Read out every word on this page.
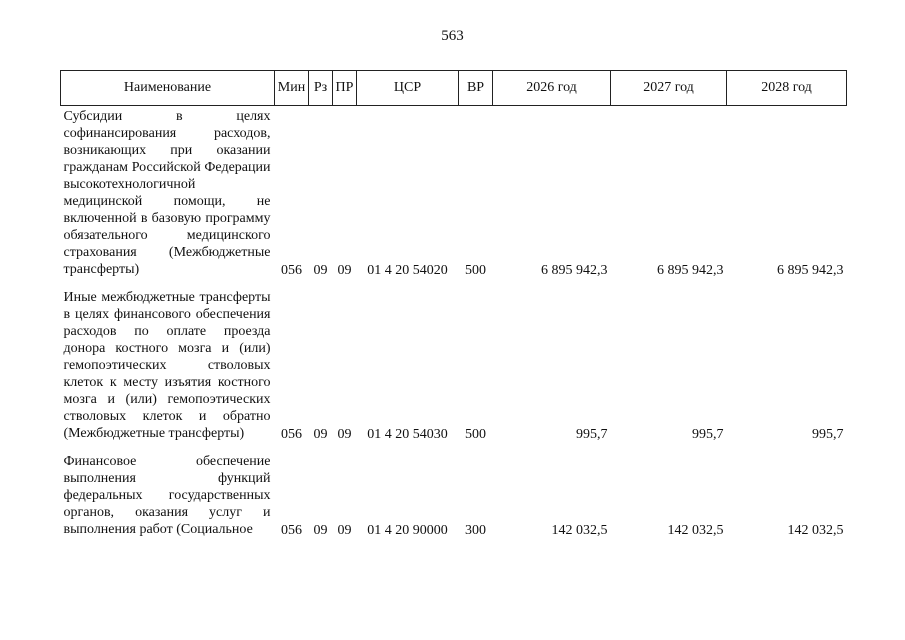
563
Наименование	Мин	Рз	ПР	ЦСР	ВР	2026 год	2027 год	2028 год
Субсидии в целях софинансирования расходов, возникающих при оказании гражданам Российской Федерации высокотехнологичной медицинской помощи, не включенной в базовую программу обязательного медицинского страхования (Межбюджетные трансферты)	056	09	09	01 4 20 54020	500	6 895 942,3	6 895 942,3	6 895 942,3

Иные межбюджетные трансферты в целях финансового обеспечения расходов по оплате проезда донора костного мозга и (или) гемопоэтических стволовых клеток к месту изъятия костного мозга и (или) гемопоэтических стволовых клеток и обратно (Межбюджетные трансферты)	056	09	09	01 4 20 54030	500	995,7	995,7	995,7

Финансовое обеспечение выполнения функций федеральных государственных органов, оказания услуг и выполнения работ (Социальное	056	09	09	01 4 20 90000	300	142 032,5	142 032,5	142 032,5
